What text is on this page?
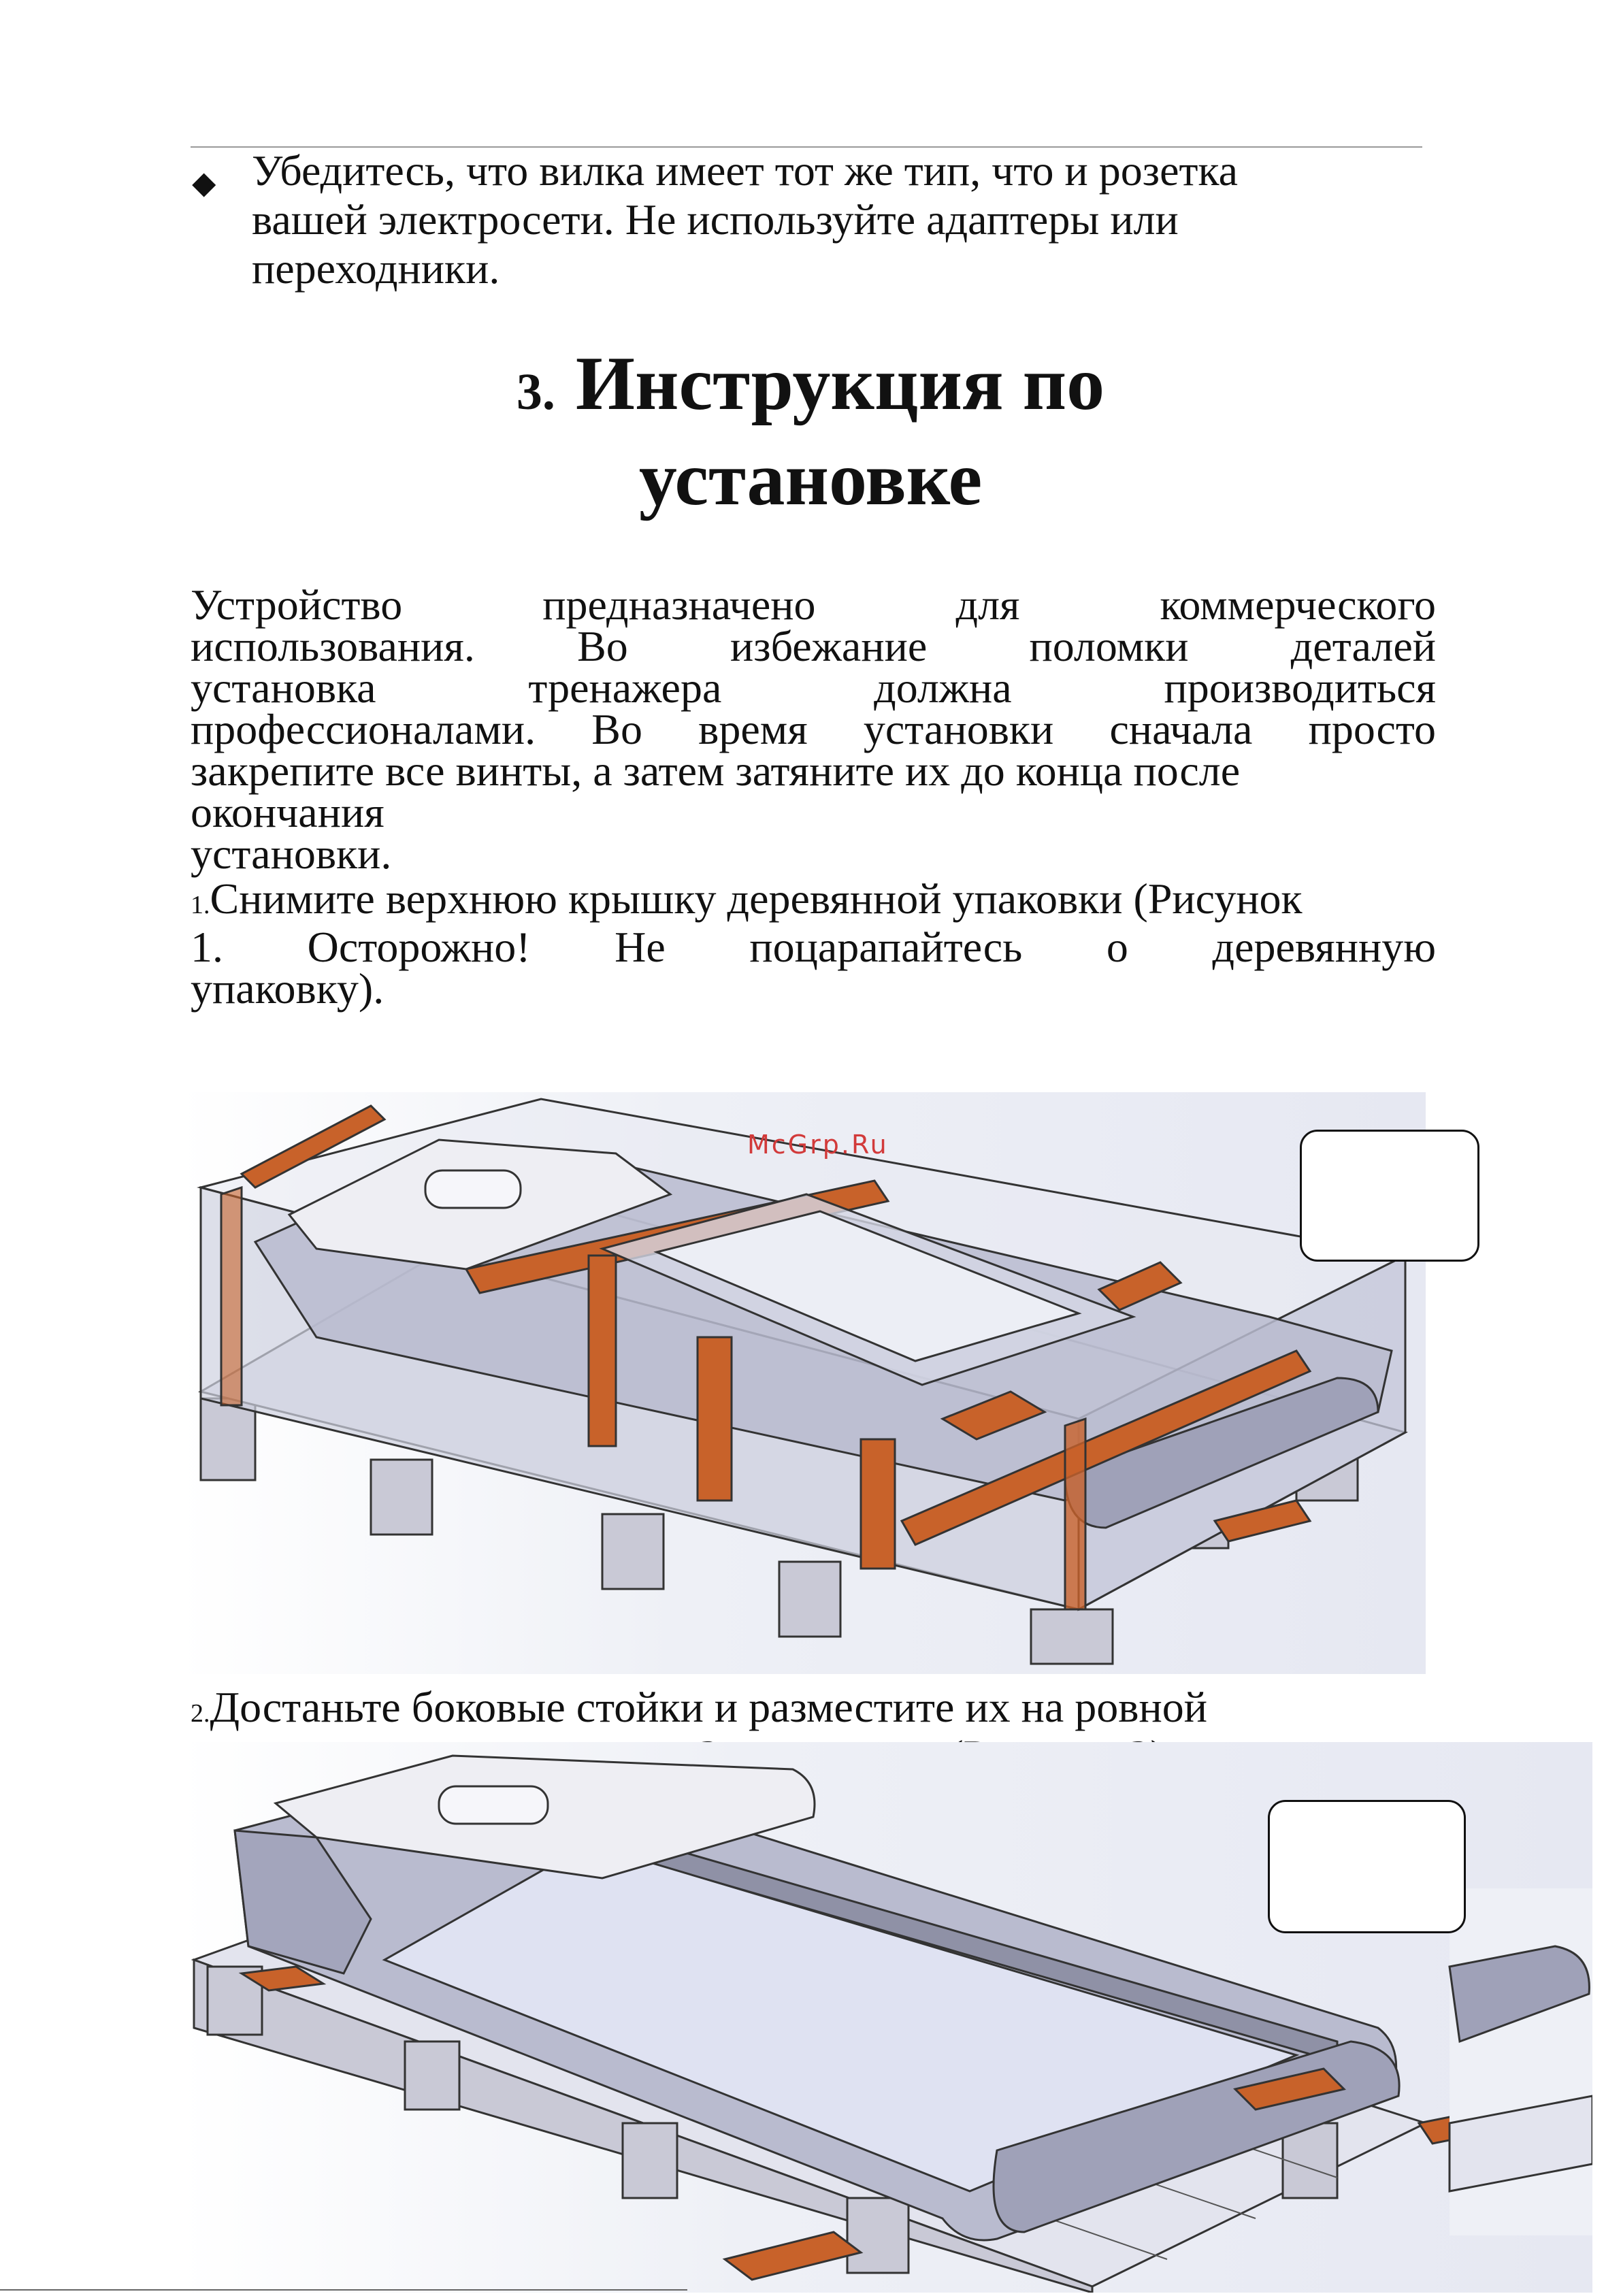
◆ Убедитесь, что вилка имеет тот же тип, что и розетка
вашей электросети. Не используйте адаптеры или
переходники.
3. Инструкция по
установке
Устройство предназначено для коммерческого
использования. Во избежание поломки деталей
установка тренажера должна производиться
профессионалами. Во время установки сначала просто
закрепите все винты, а затем затяните их до конца после
окончания
установки.
1.Снимите верхнюю крышку деревянной упаковки (Рисунок
1. Осторожно! Не поцарапайтесь о деревянную
упаковку).
McGrp.Ru
2.Достаньте боковые стойки и разместите их на ровной
